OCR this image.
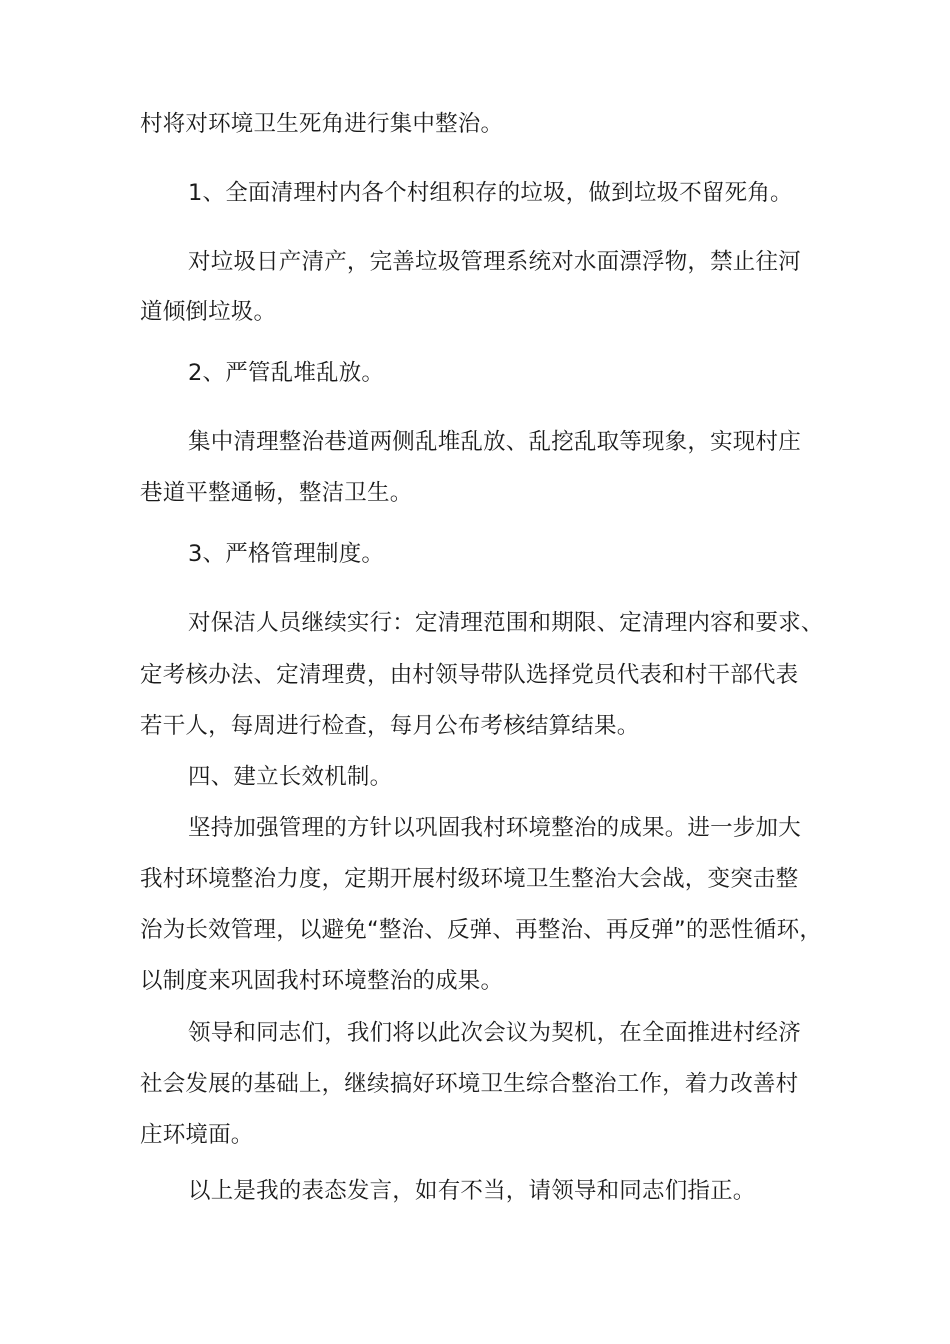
村将对环境卫生死角进行集中整治。
1、全面清理村内各个村组积存的垃圾，做到垃圾不留死角。
对垃圾日产清产，完善垃圾管理系统对水面漂浮物，禁止往河
道倾倒垃圾。
2、严管乱堆乱放。
集中清理整治巷道两侧乱堆乱放、乱挖乱取等现象，实现村庄
巷道平整通畅，整洁卫生。
3、严格管理制度。
对保洁人员继续实行：定清理范围和期限、定清理内容和要求、
定考核办法、定清理费，由村领导带队选择党员代表和村干部代表
若干人，每周进行检查，每月公布考核结算结果。
四、建立长效机制。
坚持加强管理的方针以巩固我村环境整治的成果。进一步加大
我村环境整治力度，定期开展村级环境卫生整治大会战，变突击整
治为长效管理，以避免“整治、反弹、再整治、再反弹”的恶性循环，
以制度来巩固我村环境整治的成果。
领导和同志们，我们将以此次会议为契机，在全面推进村经济
社会发展的基础上，继续搞好环境卫生综合整治工作，着力改善村
庄环境面。
以上是我的表态发言，如有不当，请领导和同志们指正。
